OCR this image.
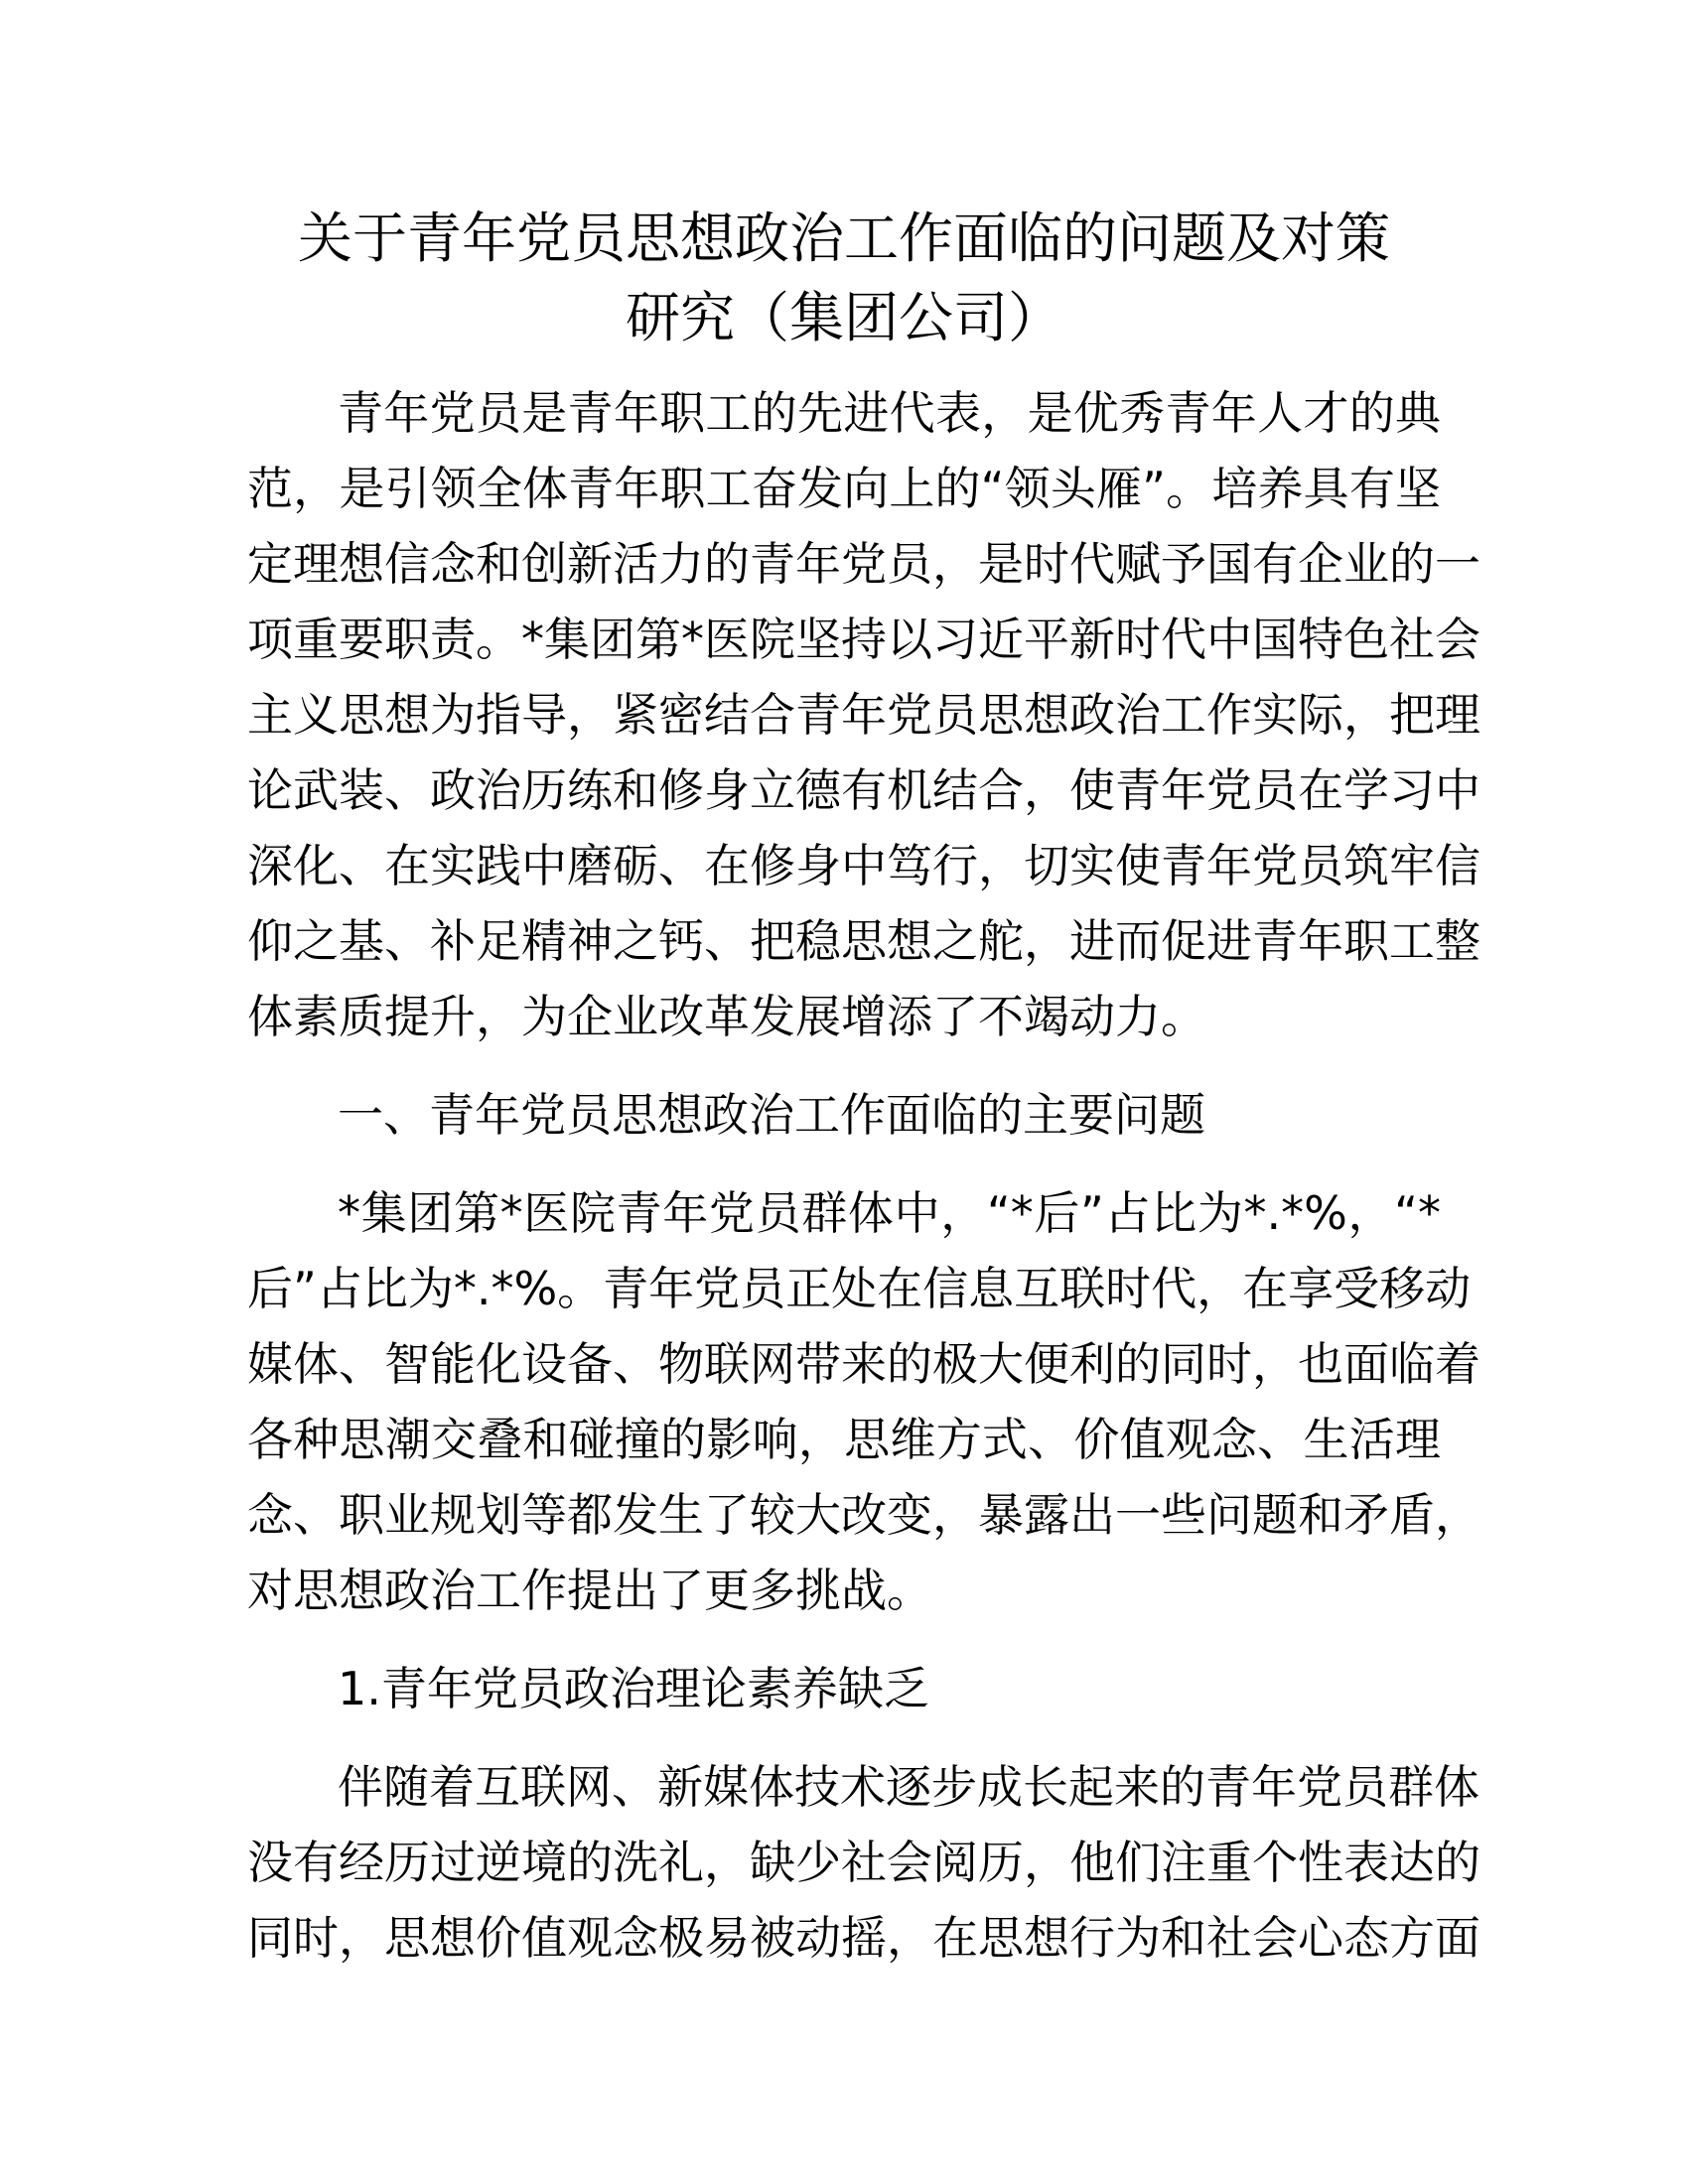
关于青年党员思想政治工作面临的问题及对策
研究（集团公司）

青年党员是青年职工的先进代表，是优秀青年人才的典

范，是引领全体青年职工奋发向上的“领头雁”。培养具有坚

定理想信念和创新活力的青年党员，是时代赋予国有企业的一

项重要职责。*集团第*医院坚持以习近平新时代中国特色社会

主义思想为指导，紧密结合青年党员思想政治工作实际，把理

论武装、政治历练和修身立德有机结合，使青年党员在学习中

深化、在实践中磨砺、在修身中笃行，切实使青年党员筑牢信

仰之基、补足精神之钙、把稳思想之舵，进而促进青年职工整

体素质提升，为企业改革发展增添了不竭动力。

一、青年党员思想政治工作面临的主要问题

*集团第*医院青年党员群体中，“*后”占比为*.*%，“*

后”占比为*.*%。青年党员正处在信息互联时代，在享受移动

媒体、智能化设备、物联网带来的极大便利的同时，也面临着

各种思潮交叠和碰撞的影响，思维方式、价值观念、生活理

念、职业规划等都发生了较大改变，暴露出一些问题和矛盾，

对思想政治工作提出了更多挑战。

1.青年党员政治理论素养缺乏

伴随着互联网、新媒体技术逐步成长起来的青年党员群体

没有经历过逆境的洗礼，缺少社会阅历，他们注重个性表达的

同时，思想价值观念极易被动摇，在思想行为和社会心态方面
